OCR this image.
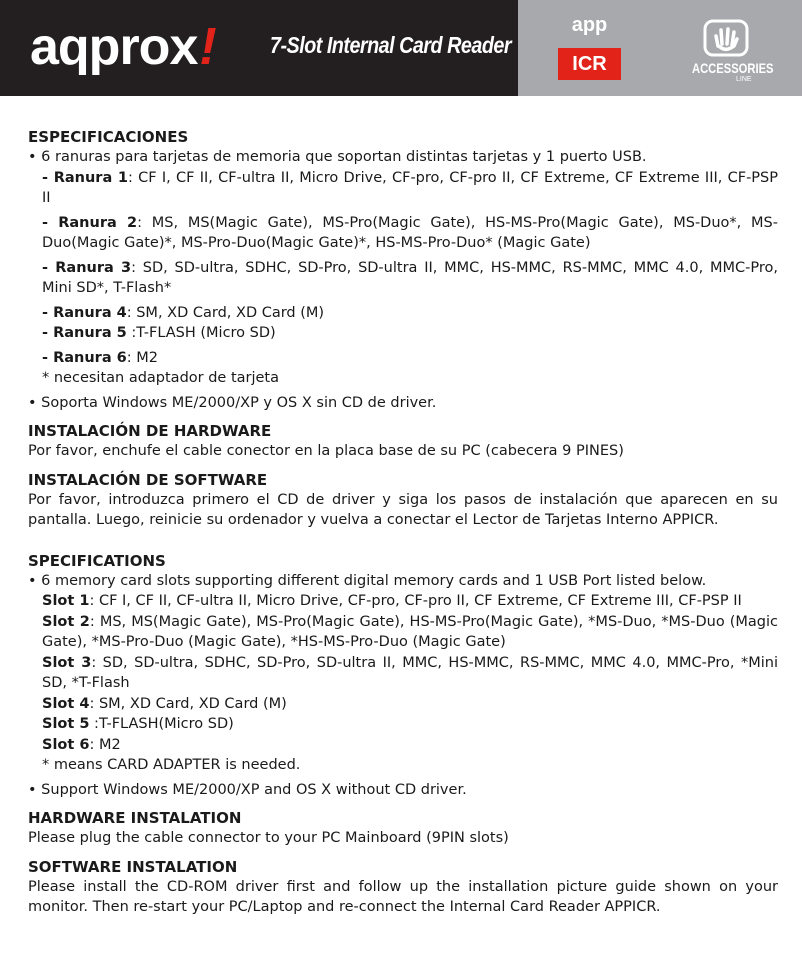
aqprox! 7-Slot Internal Card Reader
app
ICR	ACCESSORIES
LINE
ESPECIFICACIONES

• 6 ranuras para tarjetas de memoria que soportan distintas tarjetas y 1 puerto USB.

- Ranura 1: CF I, CF II, CF-ultra II, Micro Drive, CF-pro, CF-pro II, CF Extreme, CF Extreme III, CF-PSP II

- Ranura 2: MS, MS(Magic Gate), MS-Pro(Magic Gate), HS-MS-Pro(Magic Gate), MS-Duo*, MS-Duo(Magic Gate)*, MS-Pro-Duo(Magic Gate)*, HS-MS-Pro-Duo* (Magic Gate)

- Ranura 3: SD, SD-ultra, SDHC, SD-Pro, SD-ultra II, MMC, HS-MMC, RS-MMC, MMC 4.0, MMC-Pro, Mini SD*, T-Flash*

- Ranura 4: SM, XD Card, XD Card (M)

- Ranura 5 :T-FLASH (Micro SD)

- Ranura 6: M2

* necesitan adaptador de tarjeta

• Soporta Windows ME/2000/XP y OS X sin CD de driver.

INSTALACIÓN DE HARDWARE

Por favor, enchufe el cable conector en la placa base de su PC (cabecera 9 PINES)

INSTALACIÓN DE SOFTWARE

Por favor, introduzca primero el CD de driver y siga los pasos de instalación que aparecen en su pantalla. Luego, reinicie su ordenador y vuelva a conectar el Lector de Tarjetas Interno APPICR.

SPECIFICATIONS

• 6 memory card slots supporting different digital memory cards and 1 USB Port listed below.

Slot 1: CF I, CF II, CF-ultra II, Micro Drive, CF-pro, CF-pro II, CF Extreme, CF Extreme III, CF-PSP II

Slot 2: MS, MS(Magic Gate), MS-Pro(Magic Gate), HS-MS-Pro(Magic Gate), *MS-Duo, *MS-Duo (Magic Gate), *MS-Pro-Duo (Magic Gate), *HS-MS-Pro-Duo (Magic Gate)

Slot 3: SD, SD-ultra, SDHC, SD-Pro, SD-ultra II, MMC, HS-MMC, RS-MMC, MMC 4.0, MMC-Pro, *Mini SD, *T-Flash

Slot 4: SM, XD Card, XD Card (M)

Slot 5 :T-FLASH(Micro SD)

Slot 6: M2

* means CARD ADAPTER is needed.

• Support Windows ME/2000/XP and OS X without CD driver.

HARDWARE INSTALATION

Please plug the cable connector to your PC Mainboard (9PIN slots)

SOFTWARE INSTALATION

Please install the CD-ROM driver first and follow up the installation picture guide shown on your monitor. Then re-start your PC/Laptop and re-connect the Internal Card Reader APPICR.
